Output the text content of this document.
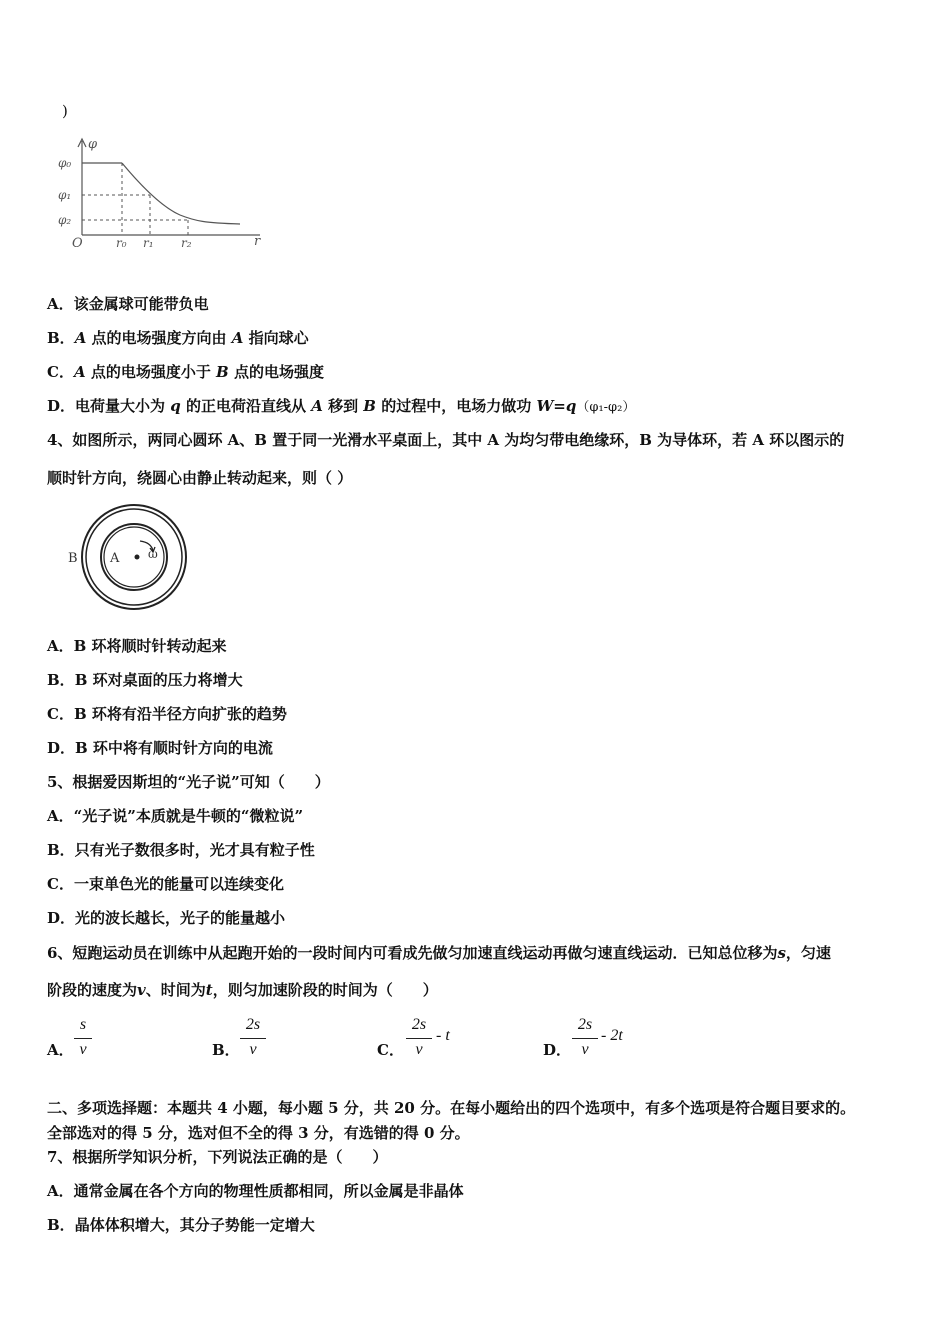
)
φ
φ₀
φ₁
φ₂
O	r₀ r₁ r₂	r
A．该金属球可能带负电
B．A 点的电场强度方向由 A 指向球心
C．A 点的电场强度小于 B 点的电场强度
D．电荷量大小为 q 的正电荷沿直线从 A 移到 B 的过程中，电场力做功 W=q（φ₁-φ₂）
4、如图所示，两同心圆环 A、B 置于同一光滑水平桌面上，其中 A 为均匀带电绝缘环，B 为导体环，若 A 环以图示的
顺时针方向，绕圆心由静止转动起来，则（ ）
B A ω
A．B 环将顺时针转动起来
B．B 环对桌面的压力将增大
C．B 环将有沿半径方向扩张的趋势
D．B 环中将有顺时针方向的电流
5、根据爱因斯坦的“光子说”可知（　　）
A．“光子说”本质就是牛顿的“微粒说”
B．只有光子数很多时，光才具有粒子性
C．一束单色光的能量可以连续变化
D．光的波长越长，光子的能量越小
6、短跑运动员在训练中从起跑开始的一段时间内可看成先做匀加速直线运动再做匀速直线运动．已知总位移为s，匀速
阶段的速度为v、时间为t，则匀加速阶段的时间为（　　）
A．
s
v	B．
2s
v	C．
2s
v
- t
D．
2s
v
- 2t
二、多项选择题：本题共 4 小题，每小题 5 分，共 20 分。在每小题给出的四个选项中，有多个选项是符合题目要求的。
全部选对的得 5 分，选对但不全的得 3 分，有选错的得 0 分。
7、根据所学知识分析，下列说法正确的是（　　）
A．通常金属在各个方向的物理性质都相同，所以金属是非晶体
B．晶体体积增大，其分子势能一定增大
